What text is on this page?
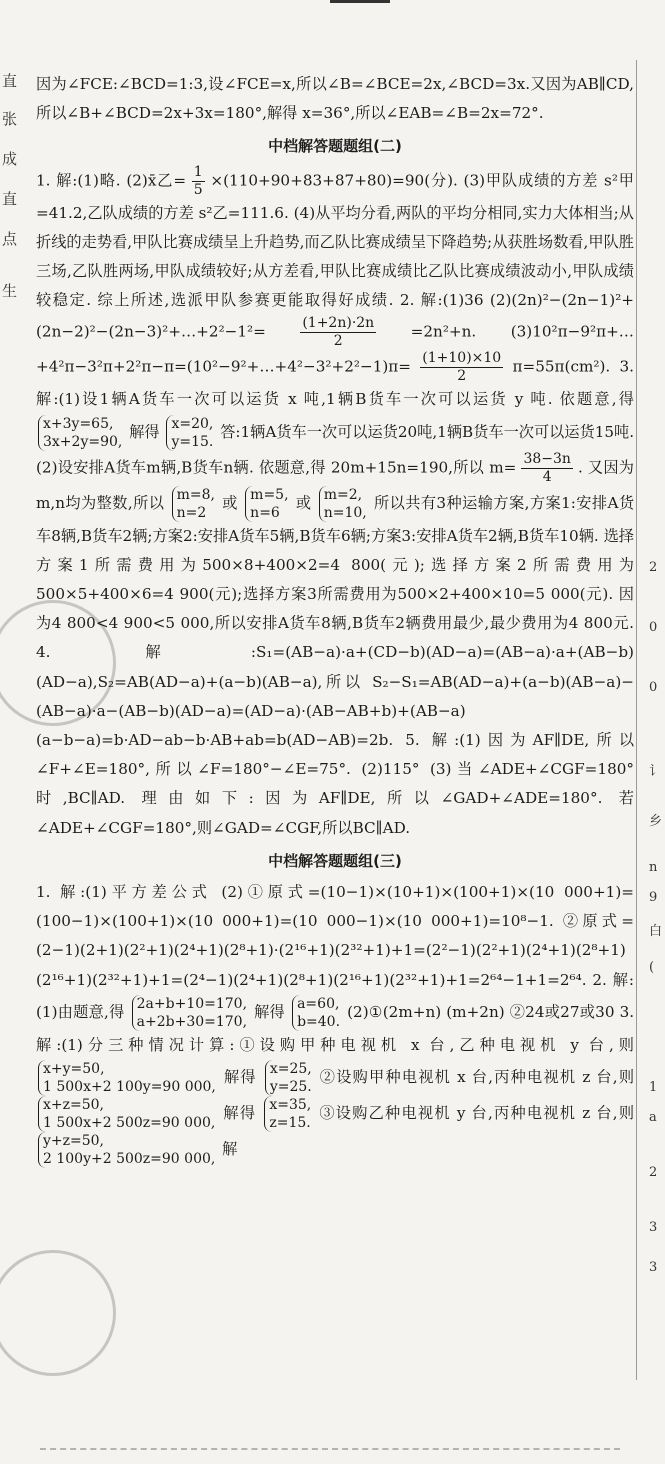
直
张
成
直
点
生
2
0
0
讠
乡
n
9
白
(
1
a
2
3
3

因为∠FCE:∠BCD=1:3,设∠FCE=x,所以∠B=∠BCE=2x,∠BCD=3x.又因为AB∥CD,所以∠B+∠BCD=2x+3x=180°,解得 x=36°,所以∠EAB=∠B=2x=72°.

中档解答题题组(二)

1. 解:(1)略. (2)x̄乙= $\frac{1}{5} \times(110+90+83+87+80)=90$(分). (3)甲队成绩的方差 s²甲=41.2,乙队成绩的方差 s²乙=111.6. (4)从平均分看,两队的平均分相同,实力大体相当;从折线的走势看,甲队比赛成绩呈上升趋势,而乙队比赛成绩呈下降趋势;从获胜场数看,甲队胜三场,乙队胜两场,甲队成绩较好;从方差看,甲队比赛成绩比乙队比赛成绩波动小,甲队成绩较稳定. 综上所述,选派甲队参赛更能取得好成绩. 2. 解:(1)36 (2)(2n)²−(2n−1)²+(2n−2)²−(2n−3)²+…+2²−1²= $\frac{(1+2n)\cdot 2n}{2} =2n^2+n$. (3)10²π−9²π+…+4²π−3²π+2²π−π=(10²−9²+…+4²−3²+2²−1)π= $\frac{(1+10)\times 10}{2} \pi=55\pi(cm^2)$. 3. 解:(1)设1辆A货车一次可以运货 x 吨,1辆B货车一次可以运货 y 吨. 依题意,得
x+3y=65,
3x+2y=90,
解得 x=20,
y=15.
答:1辆A货车一次可以运货20吨,1辆B货车一次可以运货15吨. (2)设安排A货车m辆,B货车n辆. 依题意,得 20m+15n=190,所以 $m= \frac{38-3n}{4}$ . 又因为m,n均为整数,所以 m=8,
n=2
或 m=5,
n=6
或 m=2,
n=10,
所以共有3种运输方案,方案1:安排A货车8辆,B货车2辆;方案2:安排A货车5辆,B货车6辆;方案3:安排A货车2辆,B货车10辆. 选择方案1所需费用为500×8+400×2=4 800(元);选择方案2所需费用为500×5+400×6=4 900(元);选择方案3所需费用为500×2+400×10=5 000(元). 因为4 800<4 900<5 000,所以安排A货车8辆,B货车2辆费用最少,最少费用为4 800元. 4. 解:S₁=(AB−a)·a+(CD−b)(AD−a)=(AB−a)·a+(AB−b)(AD−a),S₂=AB(AD−a)+(a−b)(AB−a),所以 S₂−S₁=AB(AD−a)+(a−b)(AB−a)−(AB−a)·a−(AB−b)(AD−a)=(AD−a)·(AB−AB+b)+(AB−a)(a−b−a)=b·AD−ab−b·AB+ab=b(AD−AB)=2b. 5. 解:(1)因为AF∥DE,所以∠F+∠E=180°,所以∠F=180°−∠E=75°. (2)115° (3)当∠ADE+∠CGF=180°时,BC∥AD. 理由如下:因为AF∥DE,所以∠GAD+∠ADE=180°. 若∠ADE+∠CGF=180°,则∠GAD=∠CGF,所以BC∥AD.

中档解答题题组(三)

1. 解:(1)平方差公式 (2)①原式=(10−1)×(10+1)×(100+1)×(10 000+1)=(100−1)×(100+1)×(10 000+1)=(10 000−1)×(10 000+1)=10⁸−1. ②原式=(2−1)(2+1)(2²+1)(2⁴+1)(2⁸+1)·(2¹⁶+1)(2³²+1)+1=(2²−1)(2²+1)(2⁴+1)(2⁸+1)(2¹⁶+1)(2³²+1)+1=(2⁴−1)(2⁴+1)(2⁸+1)(2¹⁶+1)(2³²+1)+1=2⁶⁴−1+1=2⁶⁴. 2. 解:(1)由题意,得 2a+b+10=170,
a+2b+30=170,
解得 a=60,
b=40.
(2)①(2m+n) (m+2n) ②24或27或30 3. 解:(1)分三种情况计算:①设购甲种电视机 x 台,乙种电视机 y 台,则
x+y=50,
1 500x+2 100y=90 000,
解得 x=25,
y=25.
②设购甲种电视机 x 台,丙种电视机 z 台,则
x+z=50,
1 500x+2 500z=90 000,
解得 x=35,
z=15.
③设购乙种电视机 y 台,丙种电视机 z 台,则
y+z=50,
2 100y+2 500z=90 000,
解
